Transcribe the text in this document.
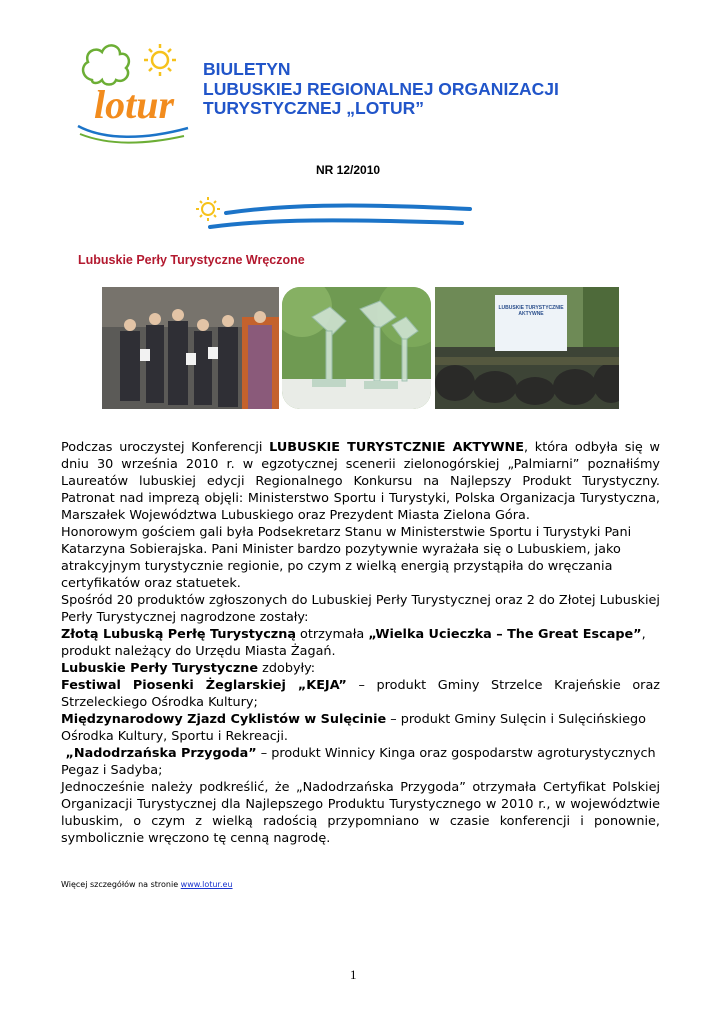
lotur
BIULETYN
LUBUSKIEJ REGIONALNEJ ORGANIZACJI
TURYSTYCZNEJ „LOTUR”
NR 12/2010
Lubuskie Perły Turystyczne Wręczone
LUBUSKIE TURYSTYCZNIE
AKTYWNE

Podczas uroczystej Konferencji LUBUSKIE TURYSTCZNIE AKTYWNE, która odbyła się w dniu 30 września 2010 r. w egzotycznej scenerii zielonogórskiej „Palmiarni” poznałiśmy Laureatów lubuskiej edycji Regionalnego Konkursu na Najlepszy Produkt Turystyczny. Patronat nad imprezą objęli: Ministerstwo Sportu i Turystyki, Polska Organizacja Turystyczna, Marszałek Województwa Lubuskiego oraz Prezydent Miasta Zielona Góra.

Honorowym gościem gali była Podsekretarz Stanu w Ministerstwie Sportu i Turystyki Pani Katarzyna Sobierajska. Pani Minister bardzo pozytywnie wyrażała się o Lubuskiem, jako atrakcyjnym turystycznie regionie, po czym z wielką energią przystąpiła do wręczania certyfikatów oraz statuetek.

Spośród 20 produktów zgłoszonych do Lubuskiej Perły Turystycznej oraz 2 do Złotej Lubuskiej Perły Turystycznej nagrodzone zostały:

Złotą Lubuską Perłę Turystyczną otrzymała „Wielka Ucieczka – The Great Escape”, produkt należący do Urzędu Miasta Żagań.

Lubuskie Perły Turystyczne zdobyły:

Festiwal Piosenki Żeglarskiej „KEJA” – produkt Gminy Strzelce Krajeńskie oraz Strzeleckiego Ośrodka Kultury;

Międzynarodowy Zjazd Cyklistów w Sulęcinie – produkt Gminy Sulęcin i Sulęcińskiego Ośrodka Kultury, Sportu i Rekreacji.

„Nadodrzańska Przygoda” – produkt Winnicy Kinga oraz gospodarstw agroturystycznych Pegaz i Sadyba;

Jednocześnie należy podkreślić, że „Nadodrzańska Przygoda” otrzymała Certyfikat Polskiej Organizacji Turystycznej dla Najlepszego Produktu Turystycznego w 2010 r., w województwie lubuskim, o czym z wielką radością przypomniano w czasie konferencji i ponownie, symbolicznie wręczono tę cenną nagrodę.

Więcej szczegółów na stronie www.lotur.eu
1
